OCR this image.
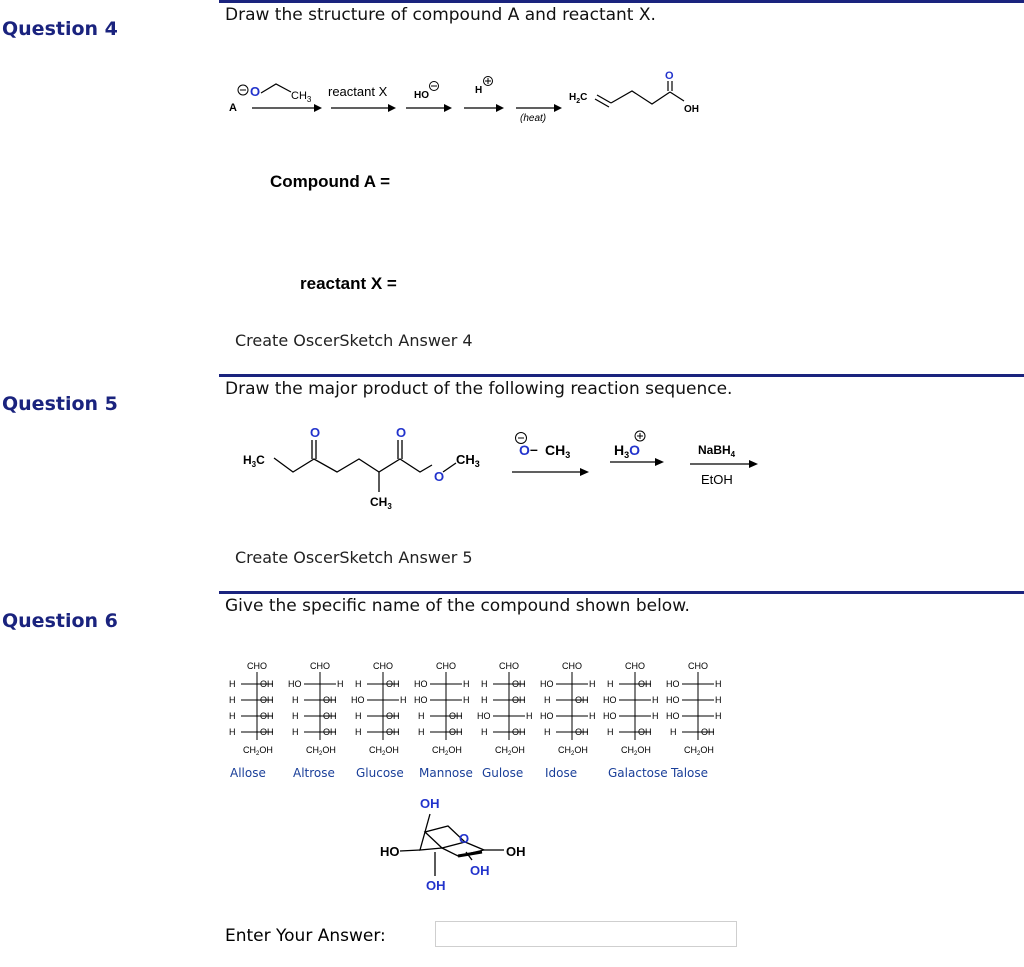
Question 4
Draw the structure of compound A and reactant X.
A
O	$CH_3$
reactant X	HO	H
(heat)
$H_2C$
O
OH
Compound A =
reactant X =
Create OscerSketch Answer 4
Question 5
Draw the major product of the following reaction sequence.
$H_3C$
O
$CH_3$
O
O
$CH_3$
O – $CH_3$	$H_3O$	NaBH$_4$
EtOH
Create OscerSketch Answer 5
Question 6
Give the specific name of the compound shown below.
CHO
H	OH
H	OH
H	OH
H	OH
$CH_2OH$
Allose
CHO
HO	H
H	OH
H	OH
H	OH
$CH_2OH$
Altrose
CHO
H	OH
HO	H
H	OH
H	OH
$CH_2OH$
Glucose
CHO
HO	H
HO	H
H	OH
H	OH
$CH_2OH$
Mannose
CHO
H	OH
H	OH
HO	H
H	OH
$CH_2OH$
Gulose
CHO
HO	H
H	OH
HO	H
H	OH
$CH_2OH$
Idose
CHO
H	OH
HO	H
HO	H
H	OH
$CH_2OH$
Galactose
CHO
HO	H
HO	H
HO	H
H	OH
$CH_2OH$
Talose
OH
HO
O
OH
OH
OH
Enter Your Answer:
